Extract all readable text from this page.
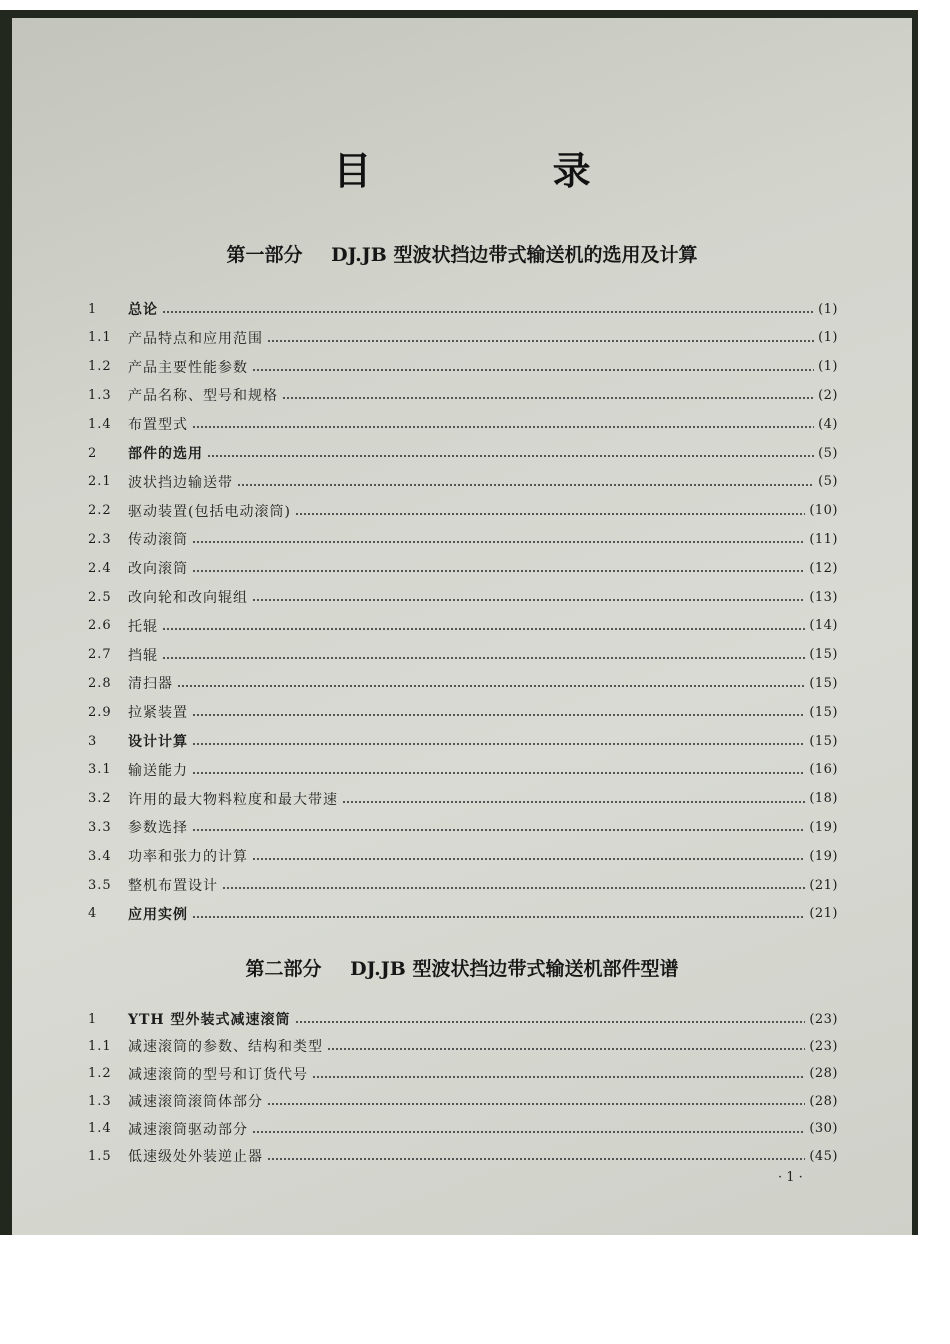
目 录
第一部分 DJ.JB 型波状挡边带式输送机的选用及计算
1	总论	(1)
1.1	产品特点和应用范围	(1)
1.2	产品主要性能参数	(1)
1.3	产品名称、型号和规格	(2)
1.4	布置型式	(4)
2	部件的选用	(5)
2.1	波状挡边输送带	(5)
2.2	驱动装置(包括电动滚筒)	(10)
2.3	传动滚筒	(11)
2.4	改向滚筒	(12)
2.5	改向轮和改向辊组	(13)
2.6	托辊	(14)
2.7	挡辊	(15)
2.8	清扫器	(15)
2.9	拉紧装置	(15)
3	设计计算	(15)
3.1	输送能力	(16)
3.2	许用的最大物料粒度和最大带速	(18)
3.3	参数选择	(19)
3.4	功率和张力的计算	(19)
3.5	整机布置设计	(21)
4	应用实例	(21)
第二部分 DJ.JB 型波状挡边带式输送机部件型谱
1	YTH 型外装式减速滚筒	(23)
1.1	减速滚筒的参数、结构和类型	(23)
1.2	减速滚筒的型号和订货代号	(28)
1.3	减速滚筒滚筒体部分	(28)
1.4	减速滚筒驱动部分	(30)
1.5	低速级处外装逆止器	(45)
· 1 ·
